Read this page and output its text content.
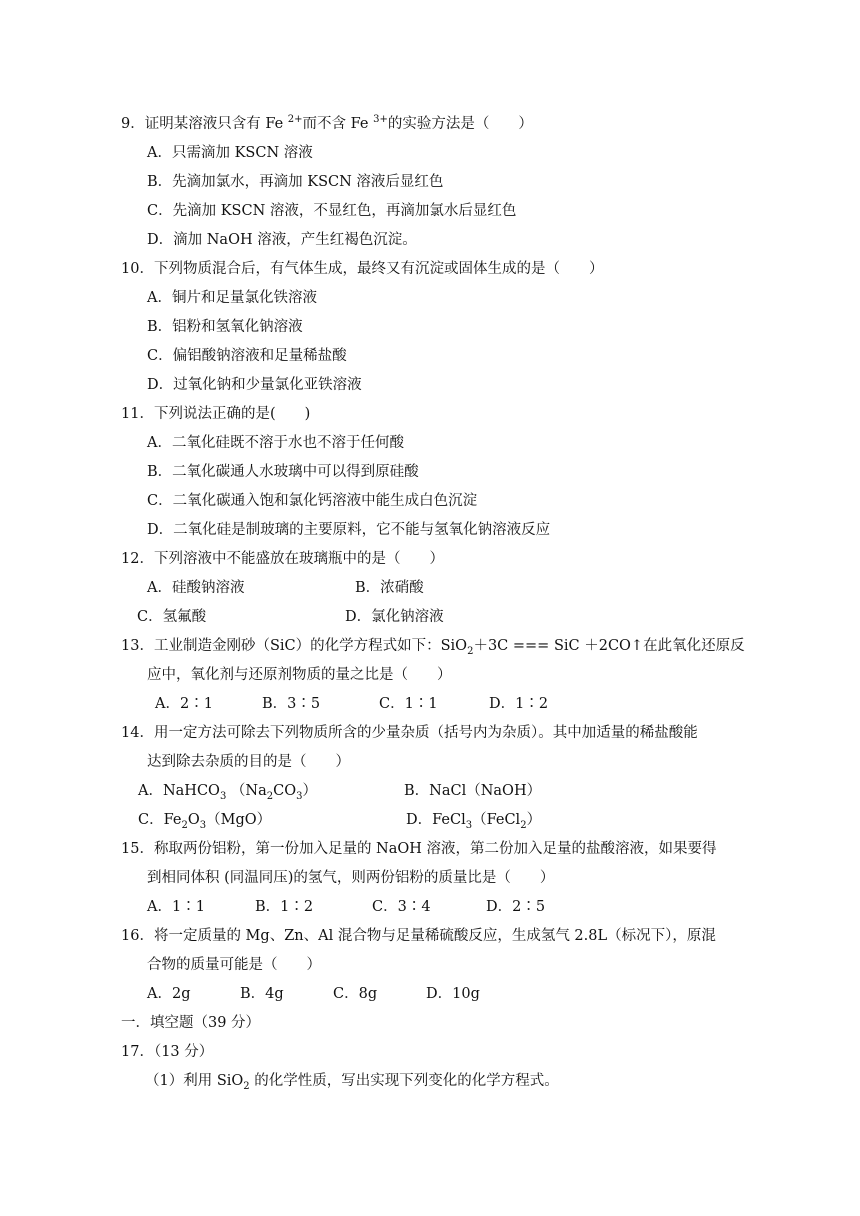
9．证明某溶液只含有 Fe $^{2+}$而不含 Fe $^{3+}$的实验方法是（　　）
A．只需滴加 KSCN 溶液
B．先滴加氯水，再滴加 KSCN 溶液后显红色
C．先滴加 KSCN 溶液，不显红色，再滴加氯水后显红色
D．滴加 NaOH 溶液，产生红褐色沉淀。
10．下列物质混合后，有气体生成，最终又有沉淀或固体生成的是（　　）
A．铜片和足量氯化铁溶液
B．铝粉和氢氧化钠溶液
C．偏铝酸钠溶液和足量稀盐酸
D．过氧化钠和少量氯化亚铁溶液
11．下列说法正确的是(　　)
A．二氧化硅既不溶于水也不溶于任何酸
B．二氧化碳通人水玻璃中可以得到原硅酸
C．二氧化碳通入饱和氯化钙溶液中能生成白色沉淀
D．二氧化硅是制玻璃的主要原料，它不能与氢氧化钠溶液反应
12．下列溶液中不能盛放在玻璃瓶中的是（　　）
A．硅酸钠溶液	B．浓硝酸
C．氢氟酸	D．氯化钠溶液
13．工业制造金刚砂（SiC）的化学方程式如下：SiO$_2$＋3C === SiC ＋2CO↑在此氧化还原反
应中，氧化剂与还原剂物质的量之比是（　　）
A．2∶1	B．3∶5	C．1∶1	D．1∶2
14．用一定方法可除去下列物质所含的少量杂质（括号内为杂质）。其中加适量的稀盐酸能
达到除去杂质的目的是（　　）
A．NaHCO$_3$ $(Na_2CO_3)$	B．NaCl（NaOH）
C．$Fe_2O_3(MgO)$	D．FeCl$_3$（FeCl$_2$）
15．称取两份铝粉，第一份加入足量的 NaOH 溶液，第二份加入足量的盐酸溶液，如果要得
到相同体积 (同温同压)的氢气，则两份铝粉的质量比是（　　）
A．1∶1	B．1∶2	C．3∶4	D．2∶5
16．将一定质量的 Mg、Zn、Al 混合物与足量稀硫酸反应，生成氢气 2.8L（标况下），原混
合物的质量可能是（　　）
A．2g	B．4g	C．8g	D．10g
一．填空题（39 分）
17．（13 分）
（1）利用 SiO$_2$ 的化学性质，写出实现下列变化的化学方程式。
